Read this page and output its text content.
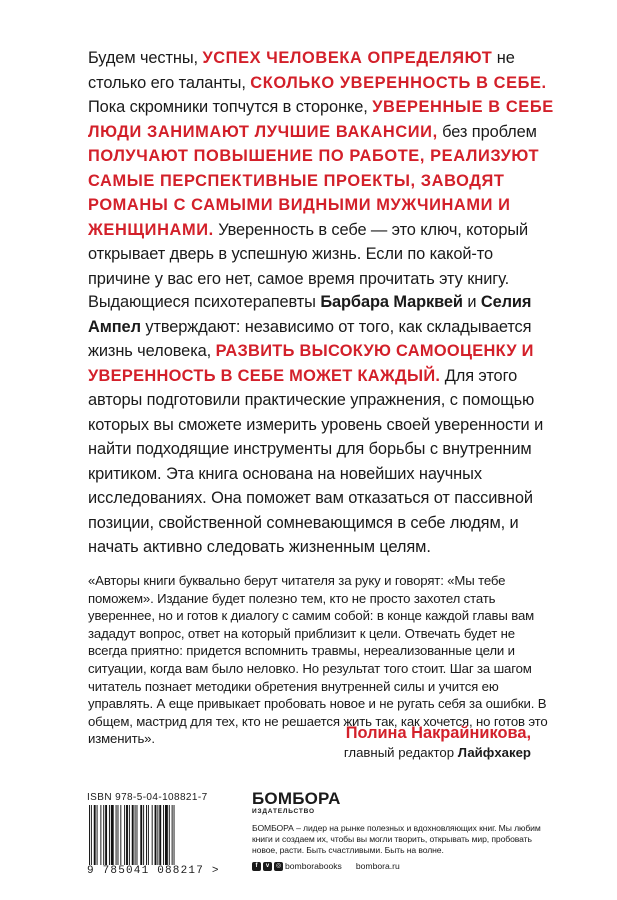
Будем честны, УСПЕХ ЧЕЛОВЕКА ОПРЕДЕЛЯЮТ не столько его таланты, СКОЛЬКО УВЕРЕННОСТЬ В СЕБЕ. Пока скромники топчутся в сторонке, УВЕРЕННЫЕ В СЕБЕ ЛЮДИ ЗАНИМАЮТ ЛУЧШИЕ ВАКАНСИИ, без проблем ПОЛУЧАЮТ ПОВЫШЕНИЕ ПО РАБОТЕ, РЕАЛИЗУЮТ САМЫЕ ПЕРСПЕКТИВНЫЕ ПРОЕКТЫ, ЗАВОДЯТ РОМАНЫ С САМЫМИ ВИДНЫМИ МУЖЧИНАМИ И ЖЕНЩИНАМИ. Уверенность в себе — это ключ, который открывает дверь в успешную жизнь. Если по какой-то причине у вас его нет, самое время прочитать эту книгу.
Выдающиеся психотерапевты Барбара Марквей и Селия Ампел утверждают: независимо от того, как складывается жизнь человека, РАЗВИТЬ ВЫСОКУЮ САМООЦЕНКУ И УВЕРЕННОСТЬ В СЕБЕ МОЖЕТ КАЖДЫЙ. Для этого авторы подготовили практические упражнения, с помощью которых вы сможете измерить уровень своей уверенности и найти подходящие инструменты для борьбы с внутренним критиком. Эта книга основана на новейших научных исследованиях. Она поможет вам отказаться от пассивной позиции, свойственной сомневающимся в себе людям, и начать активно следовать жизненным целям.
«Авторы книги буквально берут читателя за руку и говорят: «Мы тебе поможем». Издание будет полезно тем, кто не просто захотел стать увереннее, но и готов к диалогу с самим собой: в конце каждой главы вам зададут вопрос, ответ на который приблизит к цели. Отвечать будет не всегда приятно: придется вспомнить травмы, нереализованные цели и ситуации, когда вам было неловко. Но результат того стоит. Шаг за шагом читатель познает методики обретения внутренней силы и учится ею управлять. А еще привыкает пробовать новое и не ругать себя за ошибки. В общем, мастрид для тех, кто не решается жить так, как хочется, но готов это изменить».	Полина Накрайникова,
главный редактор Лайфхакер
ISBN 978-5-04-108821-7
9 785041 088217 >
БОМБОРА
ИЗДАТЕЛЬСТВО
БОМБОРА – лидер на рынке полезных и вдохновляющих книг. Мы любим книги и создаем их, чтобы вы могли творить, открывать мир, пробовать новое, расти. Быть счастливыми. Быть на волне.
f	v	◎ bomborabooks bombora.ru
